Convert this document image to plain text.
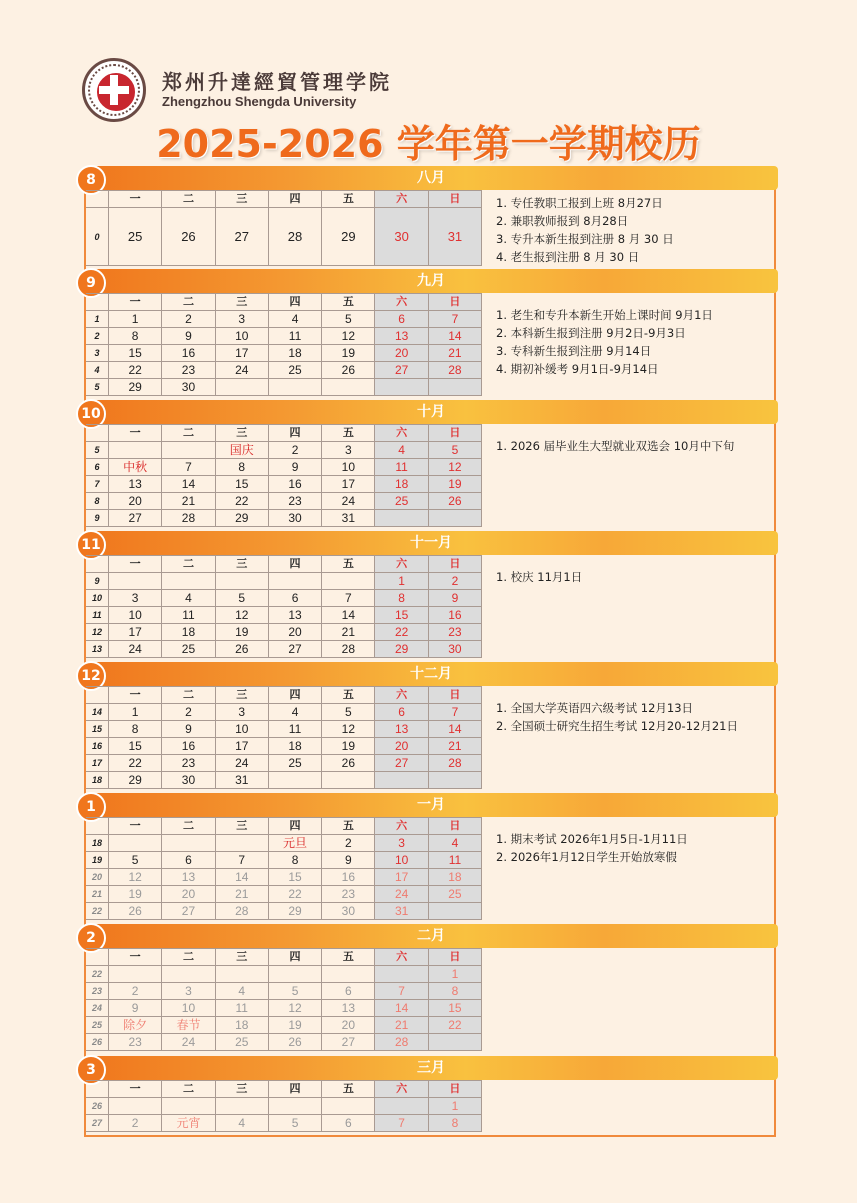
郑州升達經貿管理学院
Zhengzhou Shengda University
2025-2026 学年第一学期校历
八月
8
	一	二	三	四	五	六	日
0	25	26	27	28	29	30	31
1. 专任教职工报到上班 8月27日
2. 兼职教师报到 8月28日
3. 专升本新生报到注册 8 月 30 日
4. 老生报到注册 8 月 30 日
九月
9
	一	二	三	四	五	六	日
1	1	2	3	4	5	6	7
2	8	9	10	11	12	13	14
3	15	16	17	18	19	20	21
4	22	23	24	25	26	27	28
5	29	30					
1. 老生和专升本新生开始上课时间 9月1日
2. 本科新生报到注册 9月2日-9月3日
3. 专科新生报到注册 9月14日
4. 期初补缓考 9月1日-9月14日
十月
10
	一	二	三	四	五	六	日
5			国庆	2	3	4	5
6	中秋	7	8	9	10	11	12
7	13	14	15	16	17	18	19
8	20	21	22	23	24	25	26
9	27	28	29	30	31		
1. 2026 届毕业生大型就业双选会 10月中下旬
十一月
11
	一	二	三	四	五	六	日
9						1	2
10	3	4	5	6	7	8	9
11	10	11	12	13	14	15	16
12	17	18	19	20	21	22	23
13	24	25	26	27	28	29	30
1. 校庆 11月1日
十二月
12
	一	二	三	四	五	六	日
14	1	2	3	4	5	6	7
15	8	9	10	11	12	13	14
16	15	16	17	18	19	20	21
17	22	23	24	25	26	27	28
18	29	30	31				
1. 全国大学英语四六级考试 12月13日
2. 全国硕士研究生招生考试 12月20-12月21日
一月
1
	一	二	三	四	五	六	日
18				元旦	2	3	4
19	5	6	7	8	9	10	11
20	12	13	14	15	16	17	18
21	19	20	21	22	23	24	25
22	26	27	28	29	30	31	
1. 期末考试 2026年1月5日-1月11日
2. 2026年1月12日学生开始放寒假
二月
2
	一	二	三	四	五	六	日
22							1
23	2	3	4	5	6	7	8
24	9	10	11	12	13	14	15
25	除夕	春节	18	19	20	21	22
26	23	24	25	26	27	28	
三月
3
	一	二	三	四	五	六	日
26							1
27	2	元宵	4	5	6	7	8
